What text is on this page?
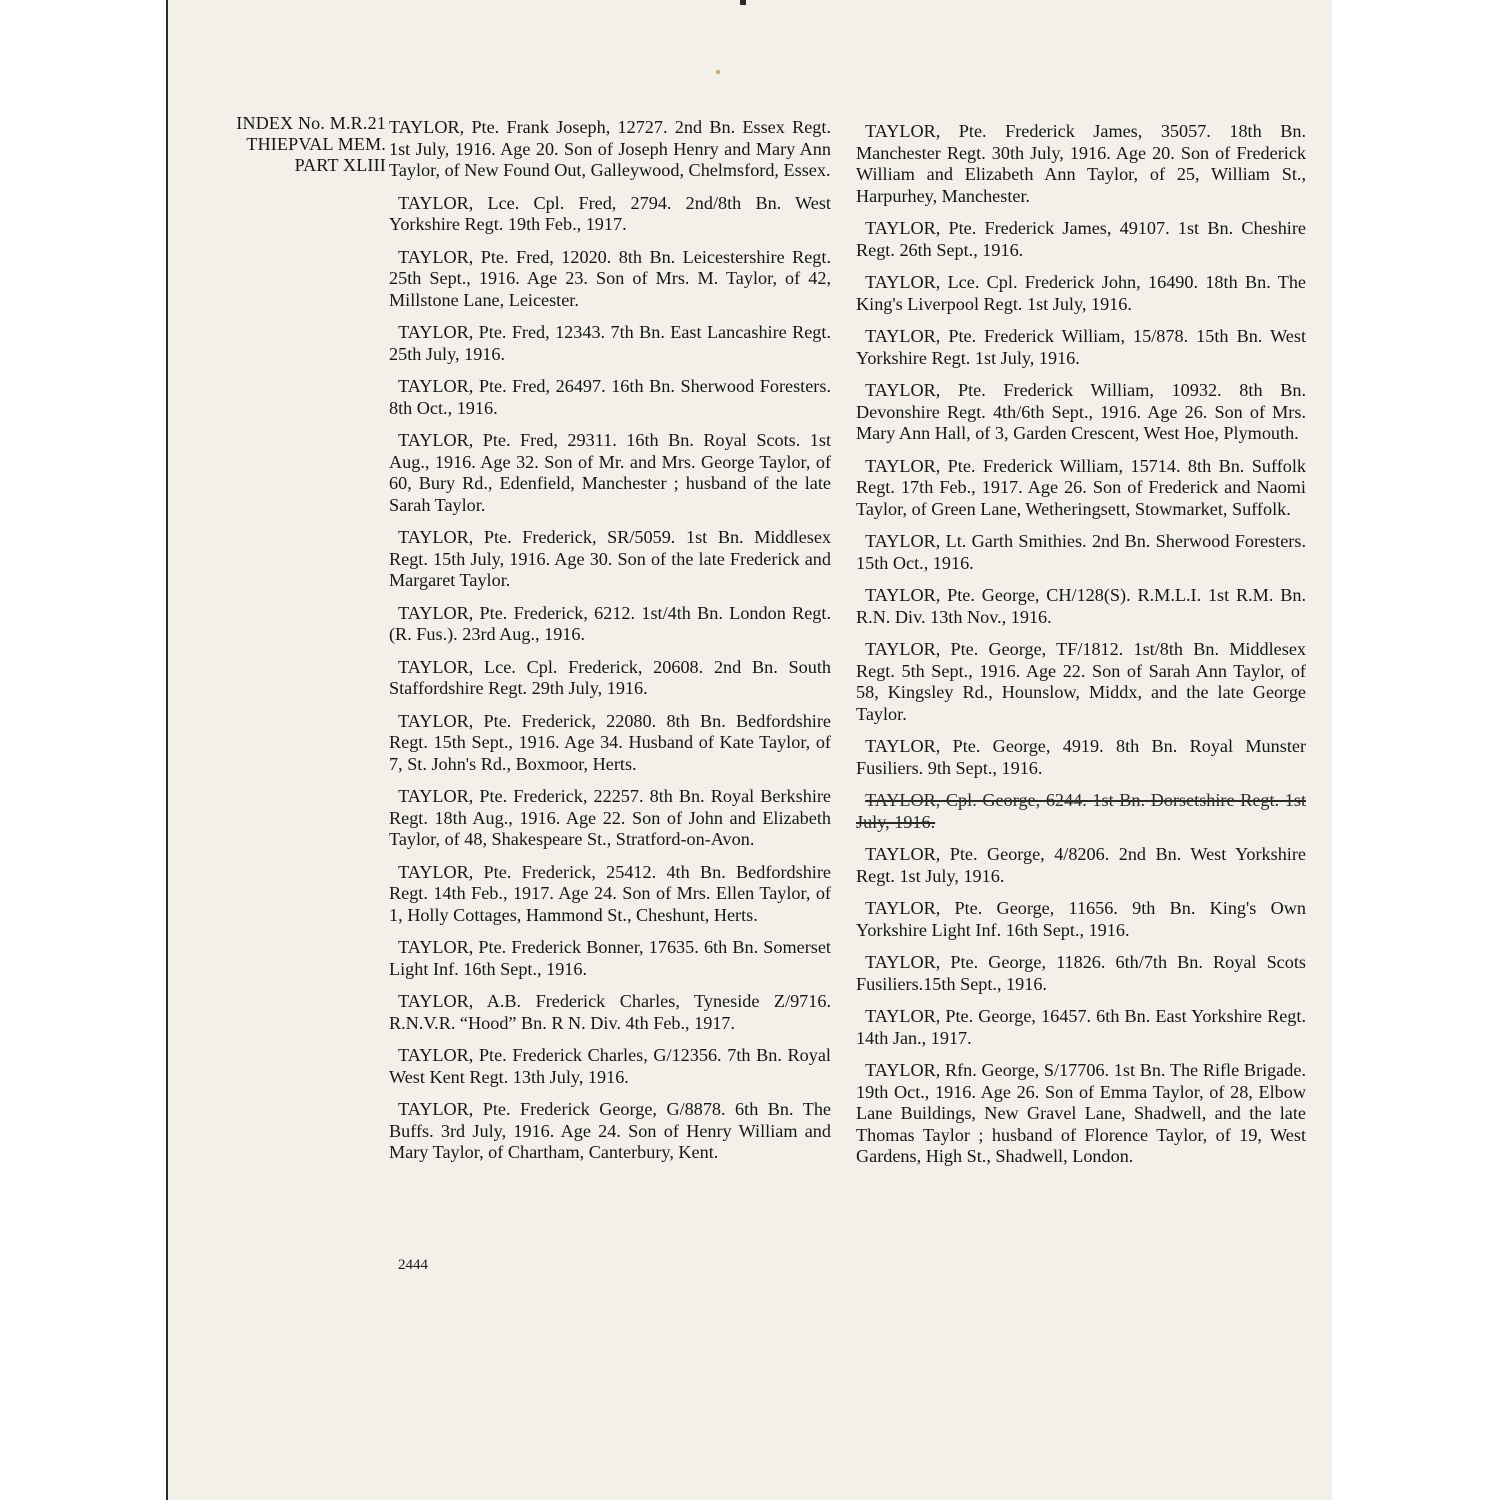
INDEX No. M.R.21
THIEPVAL MEM.
PART XLIII

TAYLOR, Pte. Frank Joseph, 12727. 2nd Bn. Essex Regt. 1st July, 1916. Age 20. Son of Joseph Henry and Mary Ann Taylor, of New Found Out, Galleywood, Chelmsford, Essex.

TAYLOR, Lce. Cpl. Fred, 2794. 2nd/8th Bn. West Yorkshire Regt. 19th Feb., 1917.

TAYLOR, Pte. Fred, 12020. 8th Bn. Leicestershire Regt. 25th Sept., 1916. Age 23. Son of Mrs. M. Taylor, of 42, Millstone Lane, Leicester.

TAYLOR, Pte. Fred, 12343. 7th Bn. East Lancashire Regt. 25th July, 1916.

TAYLOR, Pte. Fred, 26497. 16th Bn. Sherwood Foresters. 8th Oct., 1916.

TAYLOR, Pte. Fred, 29311. 16th Bn. Royal Scots. 1st Aug., 1916. Age 32. Son of Mr. and Mrs. George Taylor, of 60, Bury Rd., Edenfield, Manchester ; husband of the late Sarah Taylor.

TAYLOR, Pte. Frederick, SR/5059. 1st Bn. Middlesex Regt. 15th July, 1916. Age 30. Son of the late Frederick and Margaret Taylor.

TAYLOR, Pte. Frederick, 6212. 1st/4th Bn. London Regt. (R. Fus.). 23rd Aug., 1916.

TAYLOR, Lce. Cpl. Frederick, 20608. 2nd Bn. South Staffordshire Regt. 29th July, 1916.

TAYLOR, Pte. Frederick, 22080. 8th Bn. Bedfordshire Regt. 15th Sept., 1916. Age 34. Husband of Kate Taylor, of 7, St. John's Rd., Boxmoor, Herts.

TAYLOR, Pte. Frederick, 22257. 8th Bn. Royal Berkshire Regt. 18th Aug., 1916. Age 22. Son of John and Elizabeth Taylor, of 48, Shakespeare St., Stratford-on-Avon.

TAYLOR, Pte. Frederick, 25412. 4th Bn. Bedfordshire Regt. 14th Feb., 1917. Age 24. Son of Mrs. Ellen Taylor, of 1, Holly Cottages, Hammond St., Cheshunt, Herts.

TAYLOR, Pte. Frederick Bonner, 17635. 6th Bn. Somerset Light Inf. 16th Sept., 1916.

TAYLOR, A.B. Frederick Charles, Tyneside Z/9716. R.N.V.R. “Hood” Bn. R N. Div. 4th Feb., 1917.

TAYLOR, Pte. Frederick Charles, G/12356. 7th Bn. Royal West Kent Regt. 13th July, 1916.

TAYLOR, Pte. Frederick George, G/8878. 6th Bn. The Buffs. 3rd July, 1916. Age 24. Son of Henry William and Mary Taylor, of Chartham, Canterbury, Kent.

TAYLOR, Pte. Frederick James, 35057. 18th Bn. Manchester Regt. 30th July, 1916. Age 20. Son of Frederick William and Elizabeth Ann Taylor, of 25, William St., Harpurhey, Manchester.

TAYLOR, Pte. Frederick James, 49107. 1st Bn. Cheshire Regt. 26th Sept., 1916.

TAYLOR, Lce. Cpl. Frederick John, 16490. 18th Bn. The King's Liverpool Regt. 1st July, 1916.

TAYLOR, Pte. Frederick William, 15/878. 15th Bn. West Yorkshire Regt. 1st July, 1916.

TAYLOR, Pte. Frederick William, 10932. 8th Bn. Devonshire Regt. 4th/6th Sept., 1916. Age 26. Son of Mrs. Mary Ann Hall, of 3, Garden Crescent, West Hoe, Plymouth.

TAYLOR, Pte. Frederick William, 15714. 8th Bn. Suffolk Regt. 17th Feb., 1917. Age 26. Son of Frederick and Naomi Taylor, of Green Lane, Wetheringsett, Stowmarket, Suffolk.

TAYLOR, Lt. Garth Smithies. 2nd Bn. Sherwood Foresters. 15th Oct., 1916.

TAYLOR, Pte. George, CH/128(S). R.M.L.I. 1st R.M. Bn. R.N. Div. 13th Nov., 1916.

TAYLOR, Pte. George, TF/1812. 1st/8th Bn. Middlesex Regt. 5th Sept., 1916. Age 22. Son of Sarah Ann Taylor, of 58, Kingsley Rd., Hounslow, Middx, and the late George Taylor.

TAYLOR, Pte. George, 4919. 8th Bn. Royal Munster Fusiliers. 9th Sept., 1916.

TAYLOR, Cpl. George, 6244. 1st Bn. Dorsetshire Regt. 1st July, 1916.

TAYLOR, Pte. George, 4/8206. 2nd Bn. West Yorkshire Regt. 1st July, 1916.

TAYLOR, Pte. George, 11656. 9th Bn. King's Own Yorkshire Light Inf. 16th Sept., 1916.

TAYLOR, Pte. George, 11826. 6th/7th Bn. Royal Scots Fusiliers.15th Sept., 1916.

TAYLOR, Pte. George, 16457. 6th Bn. East Yorkshire Regt. 14th Jan., 1917.

TAYLOR, Rfn. George, S/17706. 1st Bn. The Rifle Brigade. 19th Oct., 1916. Age 26. Son of Emma Taylor, of 28, Elbow Lane Buildings, New Gravel Lane, Shadwell, and the late Thomas Taylor ; husband of Florence Taylor, of 19, West Gardens, High St., Shadwell, London.

2444
